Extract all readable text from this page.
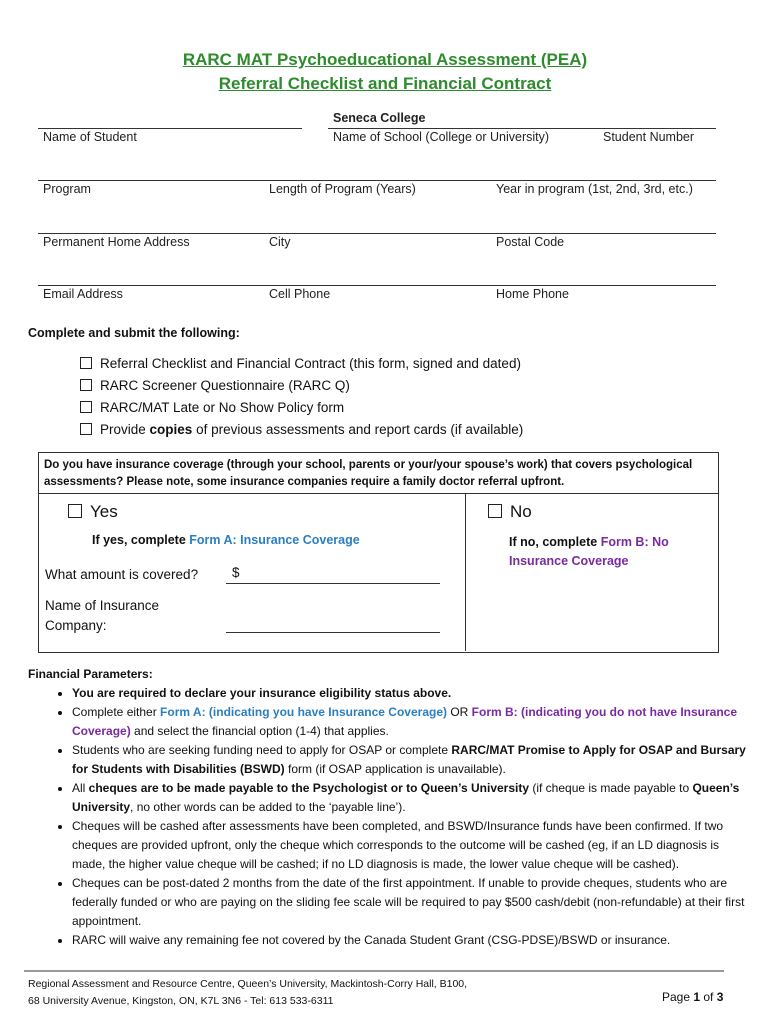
RARC MAT Psychoeducational Assessment (PEA)
Referral Checklist and Financial Contract
Seneca College
Name of Student	Name of School (College or University)	Student Number
Program	Length of Program (Years)	Year in program (1st, 2nd, 3rd, etc.)
Permanent Home Address	City	Postal Code
Email Address	Cell Phone	Home Phone
Complete and submit the following:
Referral Checklist and Financial Contract (this form, signed and dated)
RARC Screener Questionnaire (RARC Q)
RARC/MAT Late or No Show Policy form
Provide copies of previous assessments and report cards (if available)
Do you have insurance coverage (through your school, parents or your/your spouse’s work) that covers psychological assessments? Please note, some insurance companies require a family doctor referral upfront.
Yes	No
If yes, complete Form A: Insurance Coverage	If no, complete Form B: No Insurance Coverage
What amount is covered?	$
Name of Insurance Company:
Financial Parameters:
• You are required to declare your insurance eligibility status above.
• Complete either Form A: (indicating you have Insurance Coverage) OR Form B: (indicating you do not have Insurance Coverage) and select the financial option (1-4) that applies.
• Students who are seeking funding need to apply for OSAP or complete RARC/MAT Promise to Apply for OSAP and Bursary for Students with Disabilities (BSWD) form (if OSAP application is unavailable).
• All cheques are to be made payable to the Psychologist or to Queen’s University (if cheque is made payable to Queen’s University, no other words can be added to the ‘payable line’).
• Cheques will be cashed after assessments have been completed, and BSWD/Insurance funds have been confirmed. If two cheques are provided upfront, only the cheque which corresponds to the outcome will be cashed (eg, if an LD diagnosis is made, the higher value cheque will be cashed; if no LD diagnosis is made, the lower value cheque will be cashed).
• Cheques can be post-dated 2 months from the date of the first appointment. If unable to provide cheques, students who are federally funded or who are paying on the sliding fee scale will be required to pay $500 cash/debit (non-refundable) at their first appointment.
• RARC will waive any remaining fee not covered by the Canada Student Grant (CSG-PDSE)/BSWD or insurance.
Regional Assessment and Resource Centre, Queen’s University, Mackintosh-Corry Hall, B100,
68 University Avenue, Kingston, ON, K7L 3N6 - Tel: 613 533-6311	Page 1 of 3
